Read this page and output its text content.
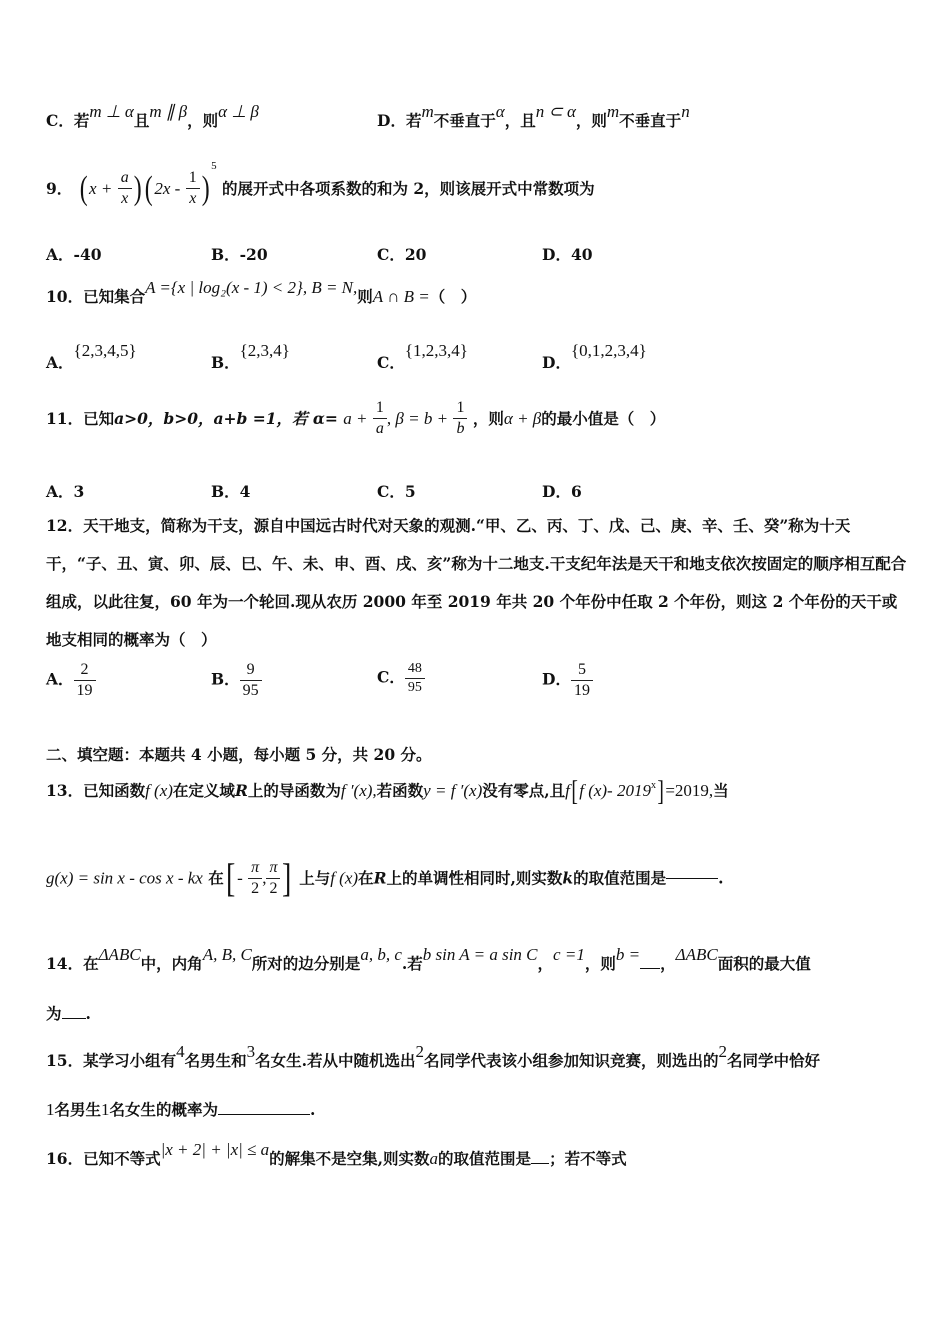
C．若m ⊥ α且m ∥ β，则α ⊥ β	D．若m不垂直于α，且n ⊂ α，则m不垂直于n
9． $(x + \frac{a}{x} )(2x - \frac{1}{x} )^5$ 的展开式中各项系数的和为 2，则该展开式中常数项为
A．-40	B．-20	C．20	D．40
10．已知集合A ={x | log₂(x - 1) < 2}, B = N,则A ∩ B =（　）
A．{2,3,4,5}
B．{2,3,4}
C．{1,2,3,4}
D．{0,1,2,3,4}
11．已知a>0，b>0，a+b =1，若 $\alpha= a + \frac{1}{a}$ , $\beta = b + \frac{1}{b}$ ，则α + β的最小值是（　）
A．3	B．4	C．5	D．6
12．天干地支，简称为干支，源自中国远古时代对天象的观测.“甲、乙、丙、丁、戊、己、庚、辛、壬、癸”称为十天干，“子、丑、寅、卯、辰、巳、午、未、申、酉、戌、亥”称为十二地支.干支纪年法是天干和地支依次按固定的顺序相互配合组成，以此往复，60 年为一个轮回.现从农历 2000 年至 2019 年共 20 个年份中任取 2 个年份，则这 2 个年份的天干或地支相同的概率为（　）
A． $\frac{2}{19}$	B． $\frac{9}{95}$	C． $\frac{48}{95}$	D． $\frac{5}{19}$
二、填空题：本题共 4 小题，每小题 5 分，共 20 分。
13．已知函数f (x)在定义域R上的导函数为f ′(x),若函数y = f ′(x)没有零点,且f[f (x)- $2019^x]=2019$,当
g(x) = sin x - cos x - kx 在[ - $\frac{\pi}{2}$ , $\frac{\pi}{2}$ ] 上与f (x)在R上的单调性相同时,则实数k的取值范围是	.
14．在ΔABC中，内角A, B, C所对的边分别是a, b, c.若b sin A = a sin C，c =1，则b = ，ΔABC面积的最大值
为 .
15．某学习小组有4名男生和3名女生.若从中随机选出2名同学代表该小组参加知识竞赛，则选出的2名同学中恰好
1名男生1名女生的概率为	.
16．已知不等式|x + 2| + |x| ≤ a的解集不是空集,则实数a的取值范围是 ；若不等式
